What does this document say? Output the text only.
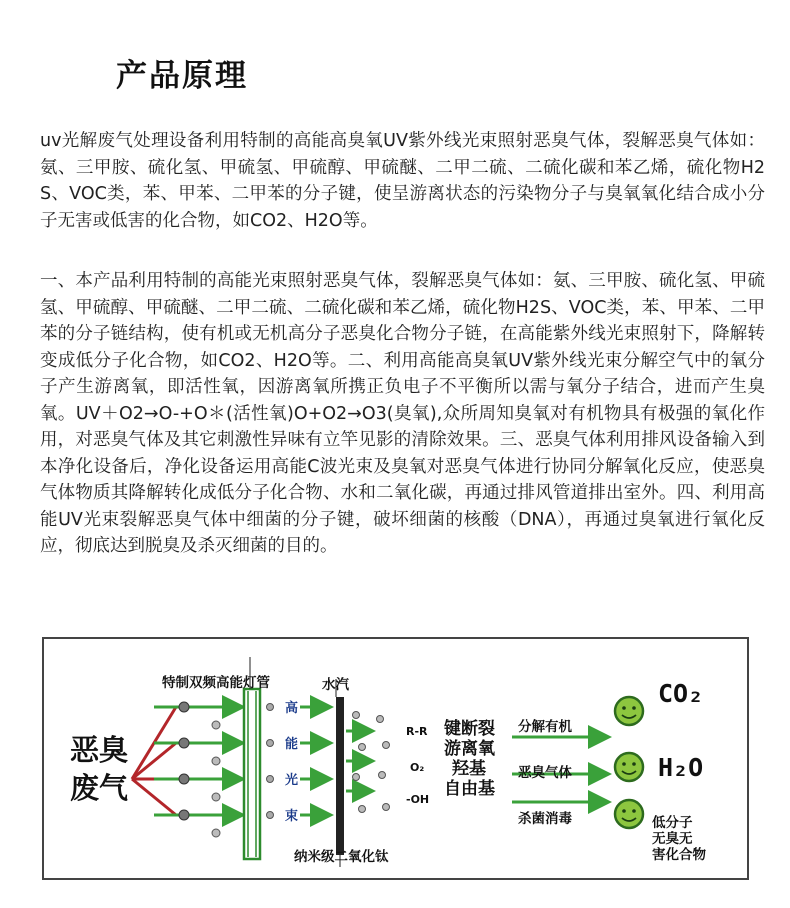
产品原理
uv光解废气处理设备利用特制的高能高臭氧UV紫外线光束照射恶臭气体，裂解恶臭气体如：氨、三甲胺、硫化氢、甲硫氢、甲硫醇、甲硫醚、二甲二硫、二硫化碳和苯乙烯，硫化物H2S、VOC类，苯、甲苯、二甲苯的分子键，使呈游离状态的污染物分子与臭氧氧化结合成小分子无害或低害的化合物，如CO2、H2O等。
一、本产品利用特制的高能光束照射恶臭气体，裂解恶臭气体如：氨、三甲胺、硫化氢、甲硫氢、甲硫醇、甲硫醚、二甲二硫、二硫化碳和苯乙烯，硫化物H2S、VOC类，苯、甲苯、二甲苯的分子链结构，使有机或无机高分子恶臭化合物分子链，在高能紫外线光束照射下，降解转变成低分子化合物，如CO2、H2O等。二、利用高能高臭氧UV紫外线光束分解空气中的氧分子产生游离氧，即活性氧，因游离氧所携正负电子不平衡所以需与氧分子结合，进而产生臭氧。UV＋O2→O-+O＊(活性氧)O+O2→O3(臭氧),众所周知臭氧对有机物具有极强的氧化作用，对恶臭气体及其它刺激性异味有立竿见影的清除效果。三、恶臭气体利用排风设备输入到本净化设备后，净化设备运用高能C波光束及臭氧对恶臭气体进行协同分解氧化反应，使恶臭气体物质其降解转化成低分子化合物、水和二氧化碳，再通过排风管道排出室外。四、利用高能UV光束裂解恶臭气体中细菌的分子键，破坏细菌的核酸（DNA），再通过臭氧进行氧化反应，彻底达到脱臭及杀灭细菌的目的。
恶臭
废气
特制双频高能灯管	水汽
高
能
光
束
纳米级二氧化钛
R-R
O₂
-OH
键断裂
游离氧
羟基
自由基
分解有机
恶臭气体
杀菌消毒
CO₂
H₂O
低分子
无臭无
害化合物
